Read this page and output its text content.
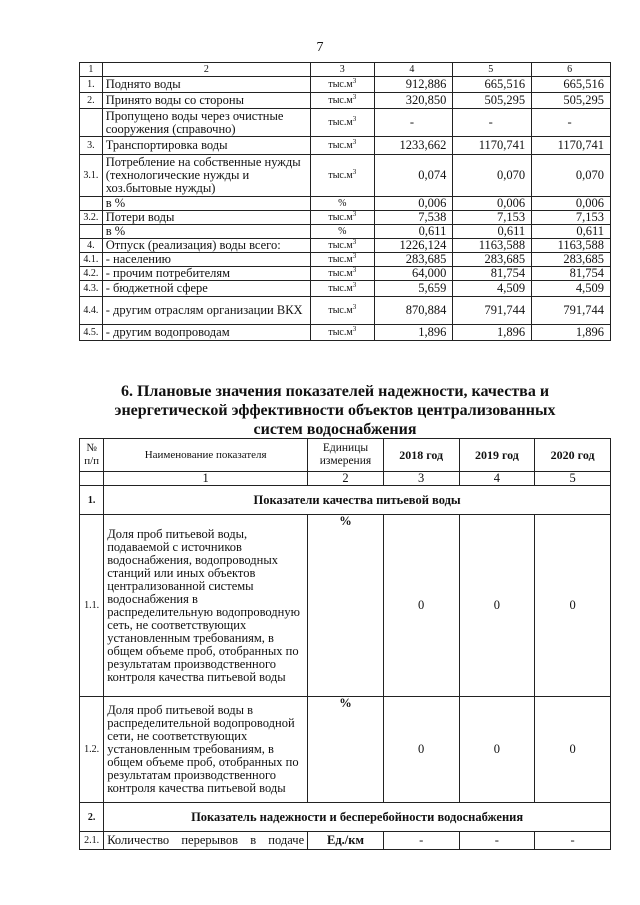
7
1	2	3	4	5	6
1.	Поднято воды	$тыс.м^3$	912,886	665,516	665,516
2.	Принято воды со стороны	$тыс.м^3$	320,850	505,295	505,295
	Пропущено воды через очистные сооружения (справочно)	$тыс.м^3$	-	-	-
3.	Транспортировка воды	$тыс.м^3$	1233,662	1170,741	1170,741
3.1.	Потребление на собственные нужды (технологические нужды и хоз.бытовые нужды)	$тыс.м^3$	0,074	0,070	0,070
	в %	%	0,006	0,006	0,006
3.2.	Потери воды	$тыс.м^3$	7,538	7,153	7,153
	в %	%	0,611	0,611	0,611
4.	Отпуск (реализация) воды всего:	$тыс.м^3$	1226,124	1163,588	1163,588
4.1.	- населению	$тыс.м^3$	283,685	283,685	283,685
4.2.	- прочим потребителям	$тыс.м^3$	64,000	81,754	81,754
4.3.	- бюджетной сфере	$тыс.м^3$	5,659	4,509	4,509
4.4.	- другим отраслям организации ВКХ	$тыс.м^3$	870,884	791,744	791,744
4.5.	- другим водопроводам	$тыс.м^3$	1,896	1,896	1,896
6. Плановые значения показателей надежности, качества и энергетической эффективности объектов централизованных систем водоснабжения
№ п/п	Наименование показателя	Единицы измерения	2018 год	2019 год	2020 год
	1	2	3	4	5
1.	Показатели качества питьевой воды				
1.1.	Доля проб питьевой воды, подаваемой с источников водоснабжения, водопроводных станций или иных объектов централизованной системы водоснабжения в распределительную водопроводную сеть, не соответствующих установленным требованиям, в общем объеме проб, отобранных по результатам производственного контроля качества питьевой воды	%	0	0	0
1.2.	Доля проб питьевой воды в распределительной водопроводной сети, не соответствующих установленным требованиям, в общем объеме проб, отобранных по результатам производственного контроля качества питьевой воды	%	0	0	0
2.	Показатель надежности и бесперебойности водоснабжения				
2.1.	Количество перерывов в подаче	Ед./км	-	-	-
